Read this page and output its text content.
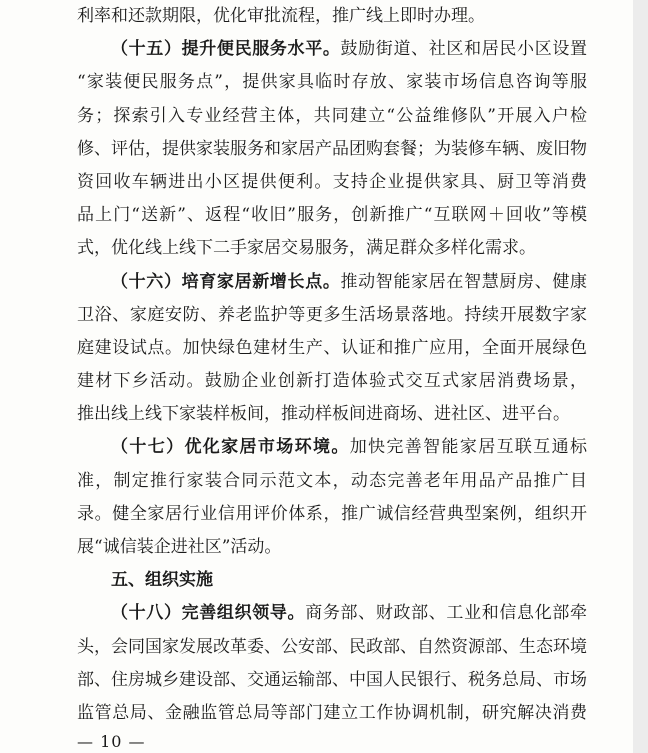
利率和还款期限，优化审批流程，推广线上即时办理。
（十五）提升便民服务水平。鼓励街道、社区和居民小区设置
“家装便民服务点”，提供家具临时存放、家装市场信息咨询等服
务；探索引入专业经营主体，共同建立“公益维修队”开展入户检
修、评估，提供家装服务和家居产品团购套餐；为装修车辆、废旧物
资回收车辆进出小区提供便利。支持企业提供家具、厨卫等消费
品上门“送新”、返程“收旧”服务，创新推广“互联网＋回收”等模
式，优化线上线下二手家居交易服务，满足群众多样化需求。
（十六）培育家居新增长点。推动智能家居在智慧厨房、健康
卫浴、家庭安防、养老监护等更多生活场景落地。持续开展数字家
庭建设试点。加快绿色建材生产、认证和推广应用，全面开展绿色
建材下乡活动。鼓励企业创新打造体验式交互式家居消费场景，
推出线上线下家装样板间，推动样板间进商场、进社区、进平台。
（十七）优化家居市场环境。加快完善智能家居互联互通标
准，制定推行家装合同示范文本，动态完善老年用品产品推广目
录。健全家居行业信用评价体系，推广诚信经营典型案例，组织开
展“诚信装企进社区”活动。
五、组织实施
（十八）完善组织领导。商务部、财政部、工业和信息化部牵
头，会同国家发展改革委、公安部、民政部、自然资源部、生态环境
部、住房城乡建设部、交通运输部、中国人民银行、税务总局、市场
监管总局、金融监管总局等部门建立工作协调机制，研究解决消费
— 10 —
